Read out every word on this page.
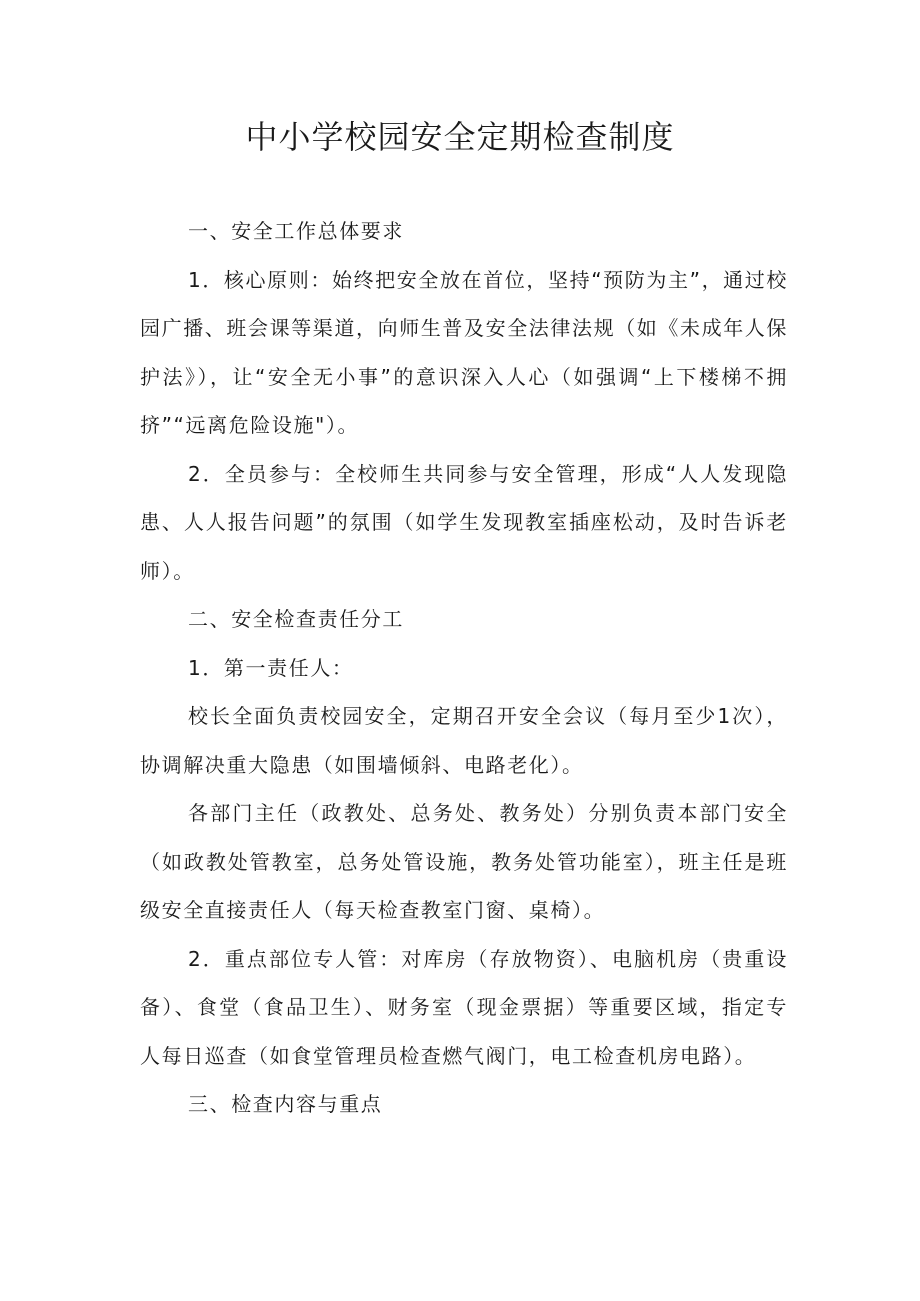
中小学校园安全定期检查制度

一、安全工作总体要求

1．核心原则：始终把安全放在首位，坚持“预防为主”，通过校园广播、班会课等渠道，向师生普及安全法律法规（如《未成年人保护法》），让“安全无小事”的意识深入人心（如强调“上下楼梯不拥挤”“远离危险设施"）。

2．全员参与：全校师生共同参与安全管理，形成“人人发现隐患、人人报告问题”的氛围（如学生发现教室插座松动，及时告诉老师）。

二、安全检查责任分工

1．第一责任人：

校长全面负责校园安全，定期召开安全会议（每月至少1次），协调解决重大隐患（如围墙倾斜、电路老化）。

各部门主任（政教处、总务处、教务处）分别负责本部门安全（如政教处管教室，总务处管设施，教务处管功能室），班主任是班级安全直接责任人（每天检查教室门窗、桌椅）。

2．重点部位专人管：对库房（存放物资）、电脑机房（贵重设备）、食堂（食品卫生）、财务室（现金票据）等重要区域，指定专人每日巡查（如食堂管理员检查燃气阀门，电工检查机房电路）。

三、检查内容与重点
